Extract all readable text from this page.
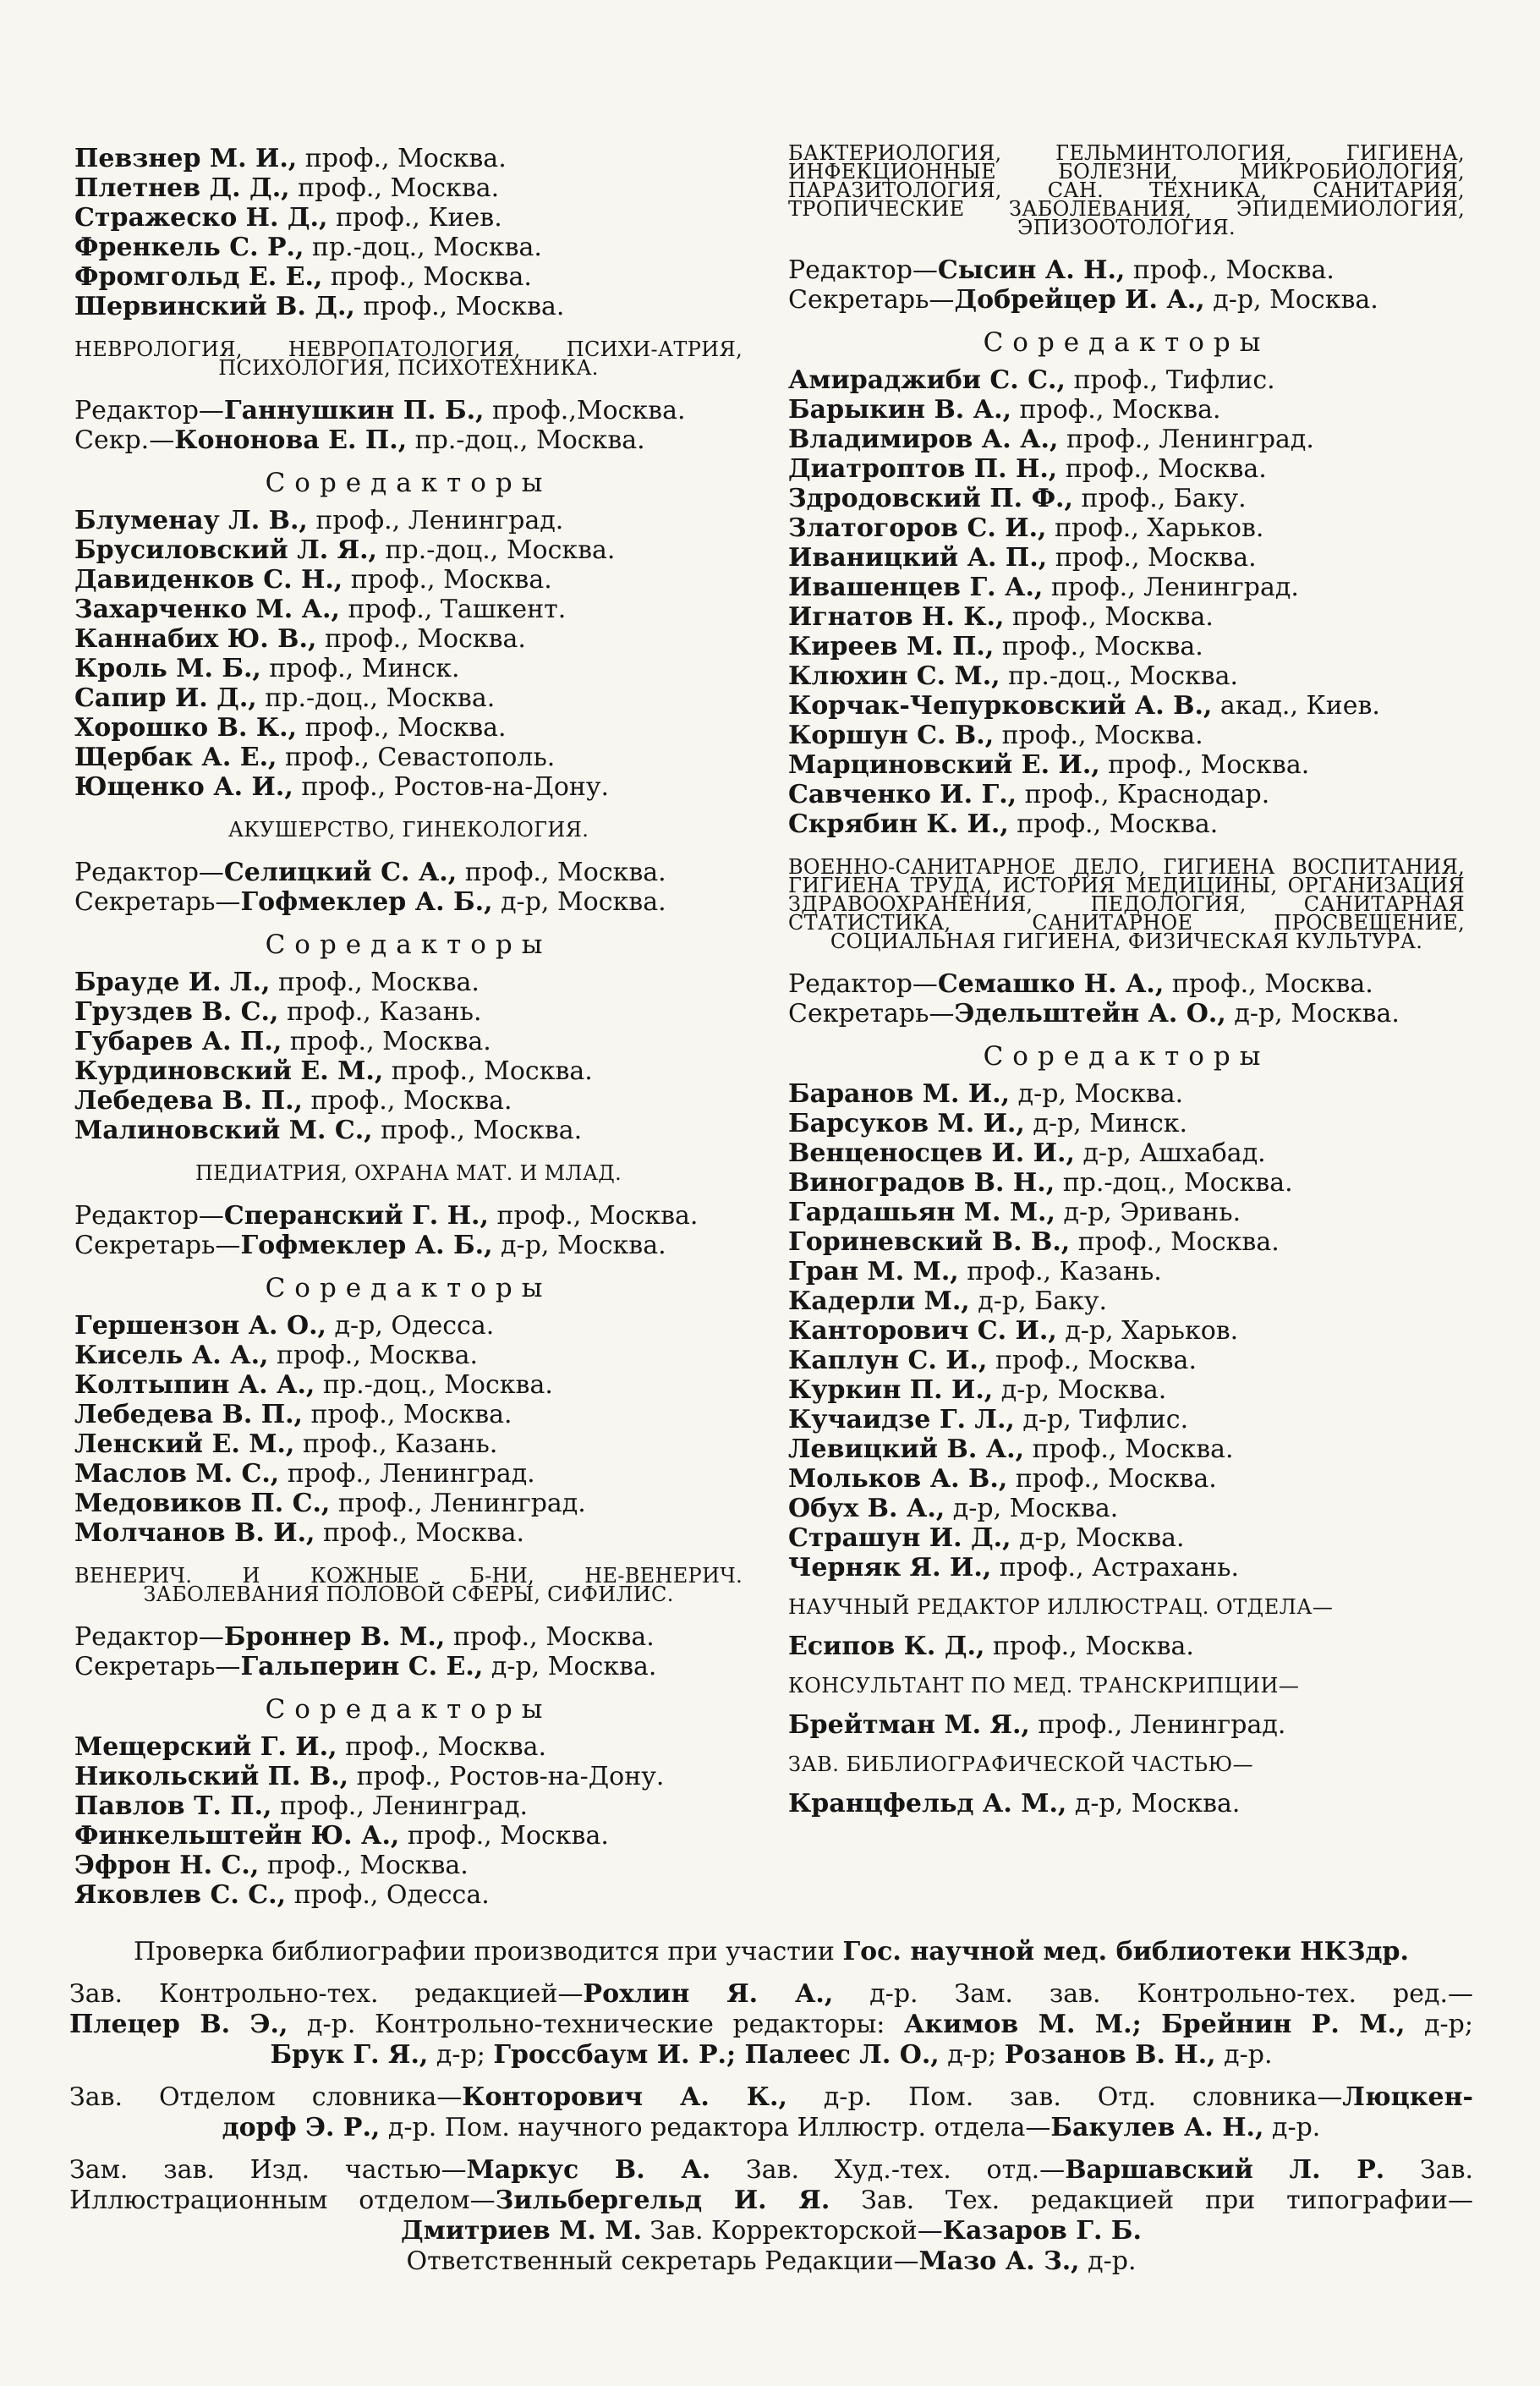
Певзнер М. И., проф., Москва.
Плетнев Д. Д., проф., Москва.
Стражеско Н. Д., проф., Киев.
Френкель С. Р., пр.-доц., Москва.
Фромгольд Е. Е., проф., Москва.
Шервинский В. Д., проф., Москва.
НЕВРОЛОГИЯ, НЕВРОПАТОЛОГИЯ, ПСИХИ-АТРИЯ, ПСИХОЛОГИЯ, ПСИХОТЕХНИКА.
Редактор—Ганнушкин П. Б., проф.,Москва.
Секр.—Кононова Е. П., пр.-доц., Москва.
Соредакторы
Блуменау Л. В., проф., Ленинград.
Брусиловский Л. Я., пр.-доц., Москва.
Давиденков С. Н., проф., Москва.
Захарченко М. А., проф., Ташкент.
Каннабих Ю. В., проф., Москва.
Кроль М. Б., проф., Минск.
Сапир И. Д., пр.-доц., Москва.
Хорошко В. К., проф., Москва.
Щербак А. Е., проф., Севастополь.
Ющенко А. И., проф., Ростов-на-Дону.
АКУШЕРСТВО, ГИНЕКОЛОГИЯ.
Редактор—Селицкий С. А., проф., Москва.
Секретарь—Гофмеклер А. Б., д-р, Москва.
Соредакторы
Брауде И. Л., проф., Москва.
Груздев В. С., проф., Казань.
Губарев А. П., проф., Москва.
Курдиновский Е. М., проф., Москва.
Лебедева В. П., проф., Москва.
Малиновский М. С., проф., Москва.
ПЕДИАТРИЯ, ОХРАНА МАТ. И МЛАД.
Редактор—Сперанский Г. Н., проф., Москва.
Секретарь—Гофмеклер А. Б., д-р, Москва.
Соредакторы
Гершензон А. О., д-р, Одесса.
Кисель А. А., проф., Москва.
Колтыпин А. А., пр.-доц., Москва.
Лебедева В. П., проф., Москва.
Ленский Е. М., проф., Казань.
Маслов М. С., проф., Ленинград.
Медовиков П. С., проф., Ленинград.
Молчанов В. И., проф., Москва.
ВЕНЕРИЧ. И КОЖНЫЕ Б-НИ, НЕ-ВЕНЕРИЧ. ЗАБОЛЕВАНИЯ ПОЛОВОЙ СФЕРЫ, СИФИЛИС.
Редактор—Броннер В. М., проф., Москва.
Секретарь—Гальперин С. Е., д-р, Москва.
Соредакторы
Мещерский Г. И., проф., Москва.
Никольский П. В., проф., Ростов-на-Дону.
Павлов Т. П., проф., Ленинград.
Финкельштейн Ю. А., проф., Москва.
Эфрон Н. С., проф., Москва.
Яковлев С. С., проф., Одесса.
БАКТЕРИОЛОГИЯ, ГЕЛЬМИНТОЛОГИЯ, ГИГИЕНА, ИНФЕКЦИОННЫЕ БОЛЕЗНИ, МИКРОБИОЛОГИЯ, ПАРАЗИТОЛОГИЯ, САН. ТЕХНИКА, САНИТАРИЯ, ТРОПИЧЕСКИЕ ЗАБОЛЕВАНИЯ, ЭПИДЕМИОЛОГИЯ, ЭПИЗООТОЛОГИЯ.
Редактор—Сысин А. Н., проф., Москва.
Секретарь—Добрейцер И. А., д-р, Москва.
Соредакторы
Амираджиби С. С., проф., Тифлис.
Барыкин В. А., проф., Москва.
Владимиров А. А., проф., Ленинград.
Диатроптов П. Н., проф., Москва.
Здродовский П. Ф., проф., Баку.
Златогоров С. И., проф., Харьков.
Иваницкий А. П., проф., Москва.
Ивашенцев Г. А., проф., Ленинград.
Игнатов Н. К., проф., Москва.
Киреев М. П., проф., Москва.
Клюхин С. М., пр.-доц., Москва.
Корчак-Чепурковский А. В., акад., Киев.
Коршун С. В., проф., Москва.
Марциновский Е. И., проф., Москва.
Савченко И. Г., проф., Краснодар.
Скрябин К. И., проф., Москва.
ВОЕННО-САНИТАРНОЕ ДЕЛО, ГИГИЕНА ВОСПИТАНИЯ, ГИГИЕНА ТРУДА, ИСТОРИЯ МЕДИЦИНЫ, ОРГАНИЗАЦИЯ ЗДРАВООХРАНЕНИЯ, ПЕДОЛОГИЯ, САНИТАРНАЯ СТАТИСТИКА, САНИТАРНОЕ ПРОСВЕЩЕНИЕ, СОЦИАЛЬНАЯ ГИГИЕНА, ФИЗИЧЕСКАЯ КУЛЬТУРА.
Редактор—Семашко Н. А., проф., Москва.
Секретарь—Эдельштейн А. О., д-р, Москва.
Соредакторы
Баранов М. И., д-р, Москва.
Барсуков М. И., д-р, Минск.
Венценосцев И. И., д-р, Ашхабад.
Виноградов В. Н., пр.-доц., Москва.
Гардашьян М. М., д-р, Эривань.
Гориневский В. В., проф., Москва.
Гран М. М., проф., Казань.
Кадерли М., д-р, Баку.
Канторович С. И., д-р, Харьков.
Каплун С. И., проф., Москва.
Куркин П. И., д-р, Москва.
Кучаидзе Г. Л., д-р, Тифлис.
Левицкий В. А., проф., Москва.
Мольков А. В., проф., Москва.
Обух В. А., д-р, Москва.
Страшун И. Д., д-р, Москва.
Черняк Я. И., проф., Астрахань.
НАУЧНЫЙ РЕДАКТОР ИЛЛЮСТРАЦ. ОТДЕЛА—
Есипов К. Д., проф., Москва.
КОНСУЛЬТАНТ ПО МЕД. ТРАНСКРИПЦИИ—
Брейтман М. Я., проф., Ленинград.
ЗАВ. БИБЛИОГРАФИЧЕСКОЙ ЧАСТЬЮ—
Кранцфельд А. М., д-р, Москва.
Проверка библиографии производится при участии Гос. научной мед. библиотеки НКЗдр.
Зав. Контрольно-тех. редакцией—Рохлин Я. А., д-р. Зам. зав. Контрольно-тех. ред.—
Плецер В. Э., д-р. Контрольно-технические редакторы: Акимов М. М.; Брейнин Р. М., д-р;
Брук Г. Я., д-р; Гроссбаум И. Р.; Палеес Л. О., д-р; Розанов В. Н., д-р.
Зав. Отделом словника—Конторович А. К., д-р. Пом. зав. Отд. словника—Люцкен-
дорф Э. Р., д-р. Пом. научного редактора Иллюстр. отдела—Бакулев А. Н., д-р.
Зам. зав. Изд. частью—Маркус В. А. Зав. Худ.-тех. отд.—Варшавский Л. Р. Зав.
Иллюстрационным отделом—Зильбергельд И. Я. Зав. Тех. редакцией при типографии—
Дмитриев М. М. Зав. Корректорской—Казаров Г. Б.
Ответственный секретарь Редакции—Мазо А. З., д-р.
